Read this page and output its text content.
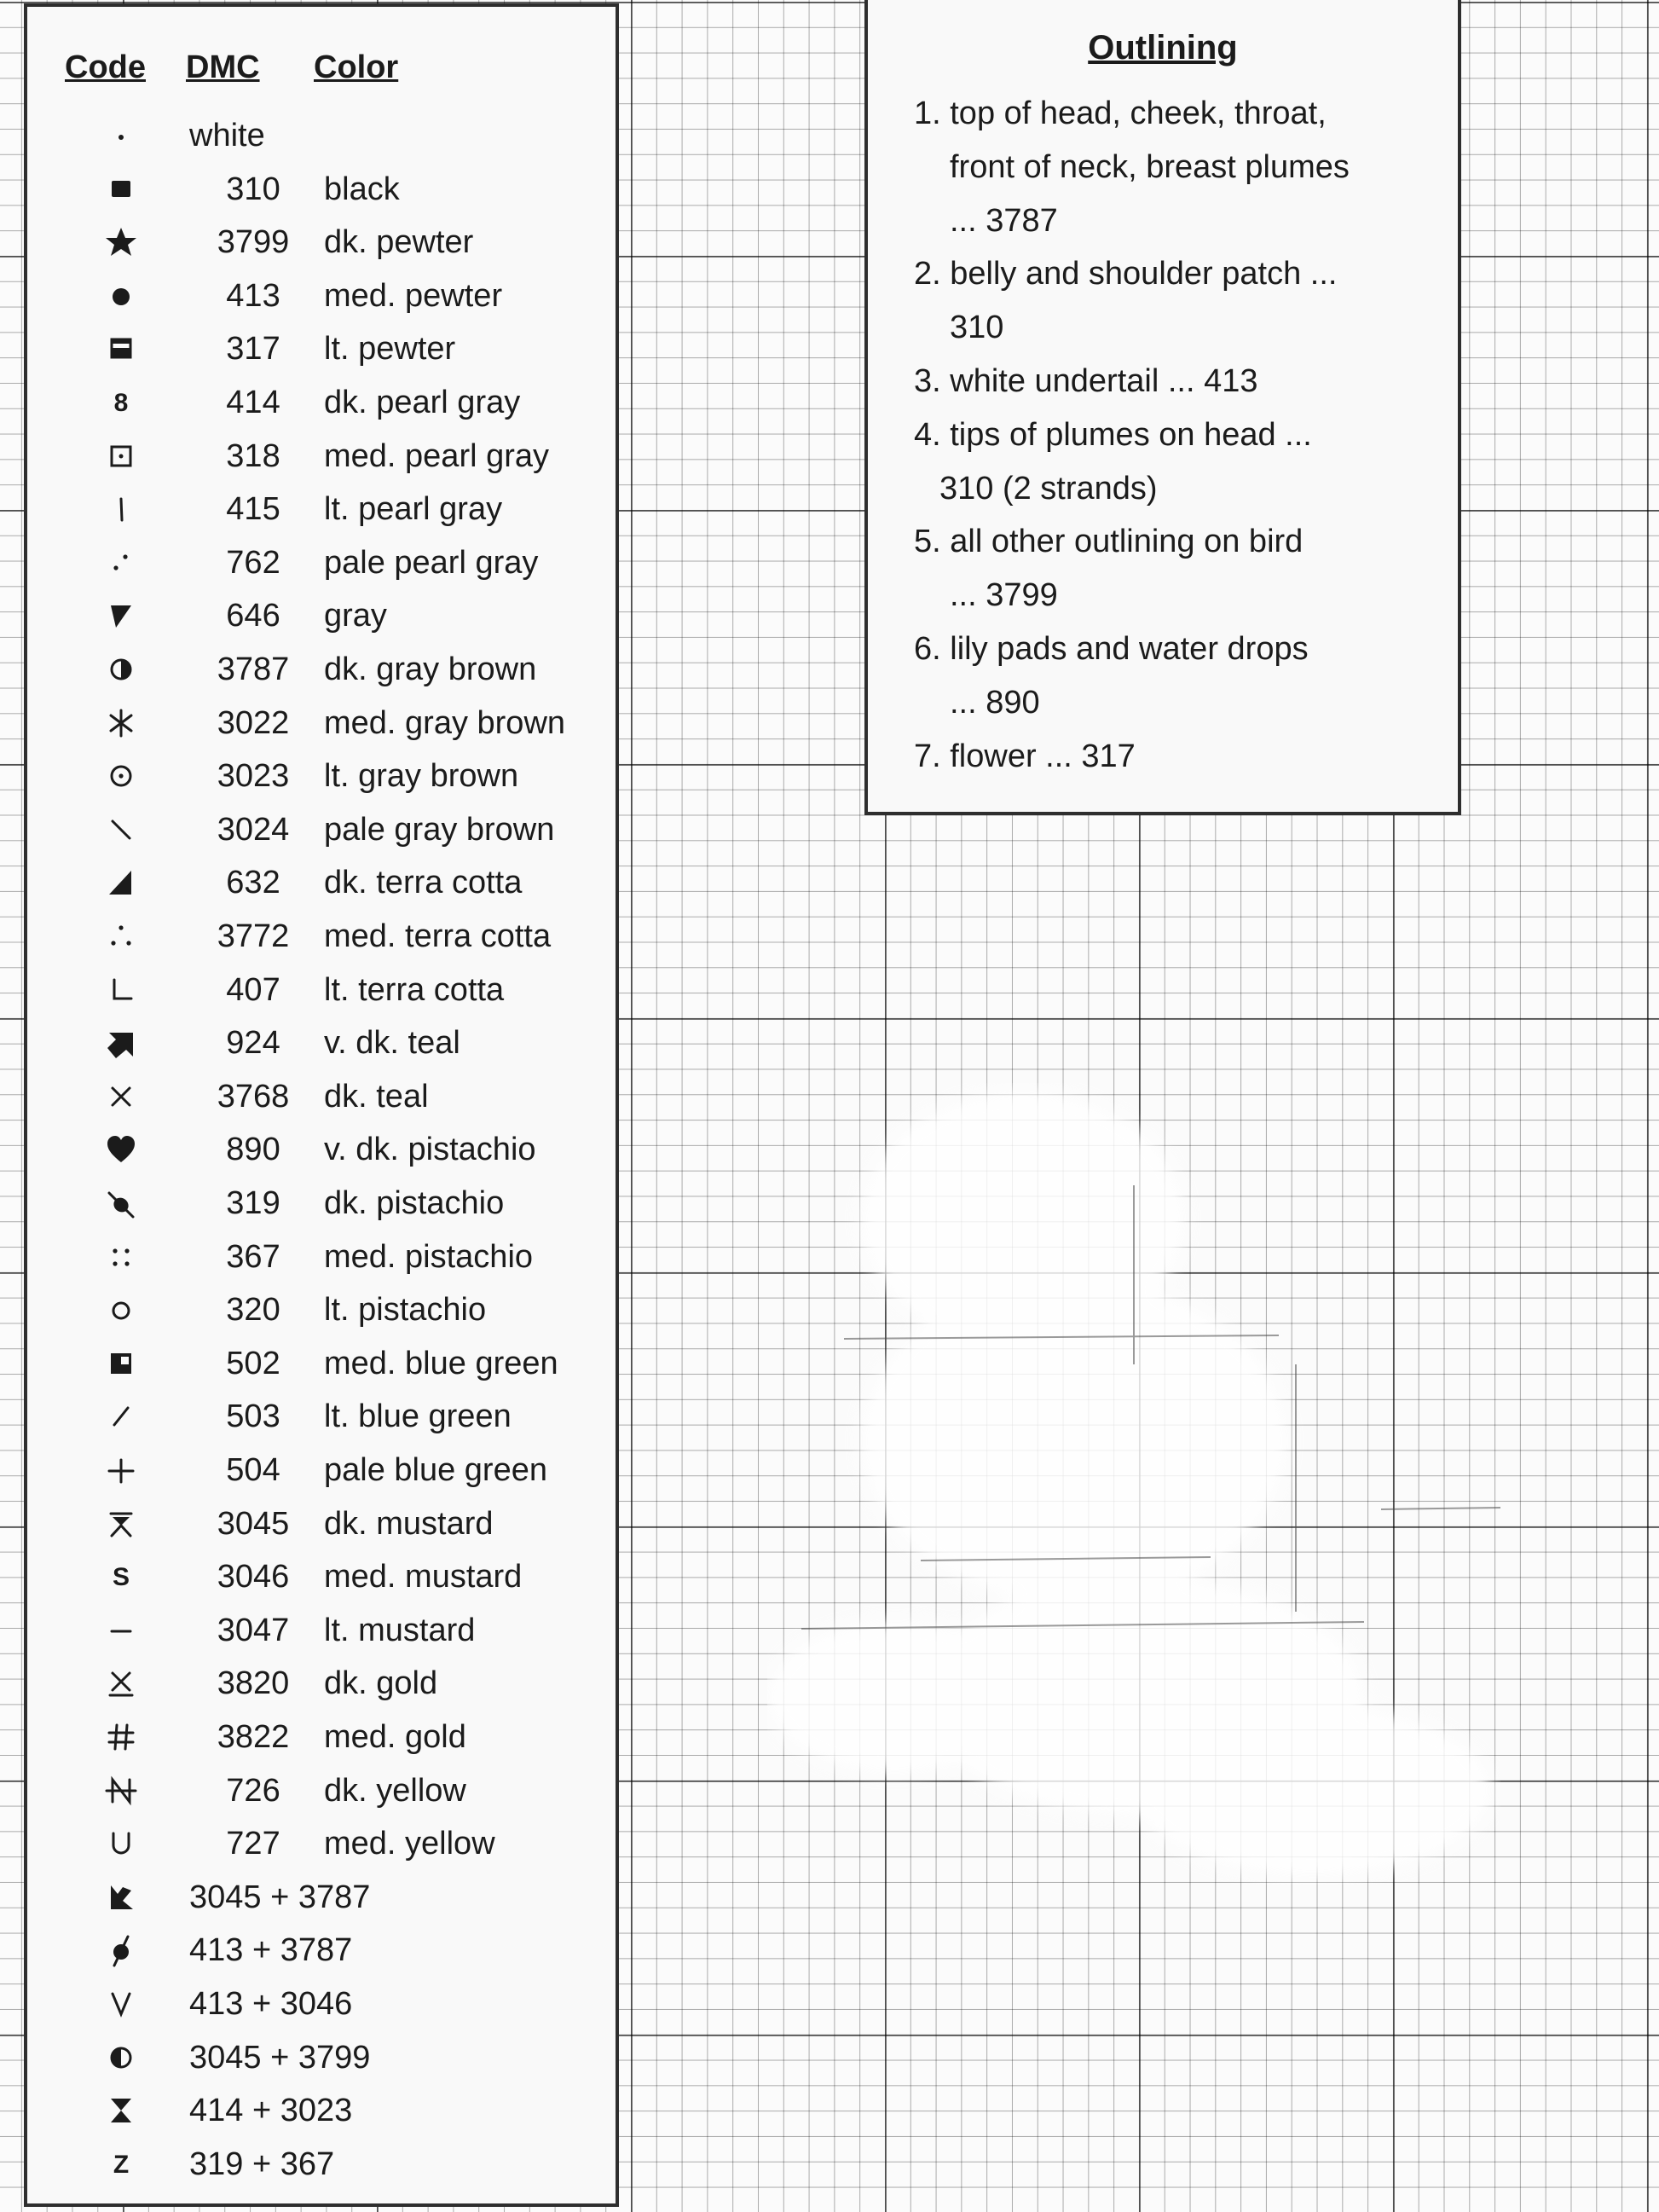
Code DMC Color
white
310	black
3799	dk. pewter
413	med. pewter
317	lt. pewter
8	414	dk. pearl gray
318	med. pearl gray
415	lt. pearl gray
762	pale pearl gray
646	gray
3787	dk. gray brown
3022	med. gray brown
3023	lt. gray brown
3024	pale gray brown
632	dk. terra cotta
3772	med. terra cotta
407	lt. terra cotta
924	v. dk. teal
3768	dk. teal
890	v. dk. pistachio
319	dk. pistachio
367	med. pistachio
320	lt. pistachio
502	med. blue green
503	lt. blue green
504	pale blue green
3045	dk. mustard
S	3046	med. mustard
3047	lt. mustard
3820	dk. gold
3822	med. gold
726	dk. yellow
727	med. yellow
3045 + 3787
413 + 3787
413 + 3046
3045 + 3799
414 + 3023
Z 319 + 367
Outlining
1. top of head, cheek, throat,
front of neck, breast plumes
... 3787
2. belly and shoulder patch ...
310
3. white undertail ... 413
4. tips of plumes on head ...
310 (2 strands)
5. all other outlining on bird
... 3799
6. lily pads and water drops
... 890
7. flower ... 317
